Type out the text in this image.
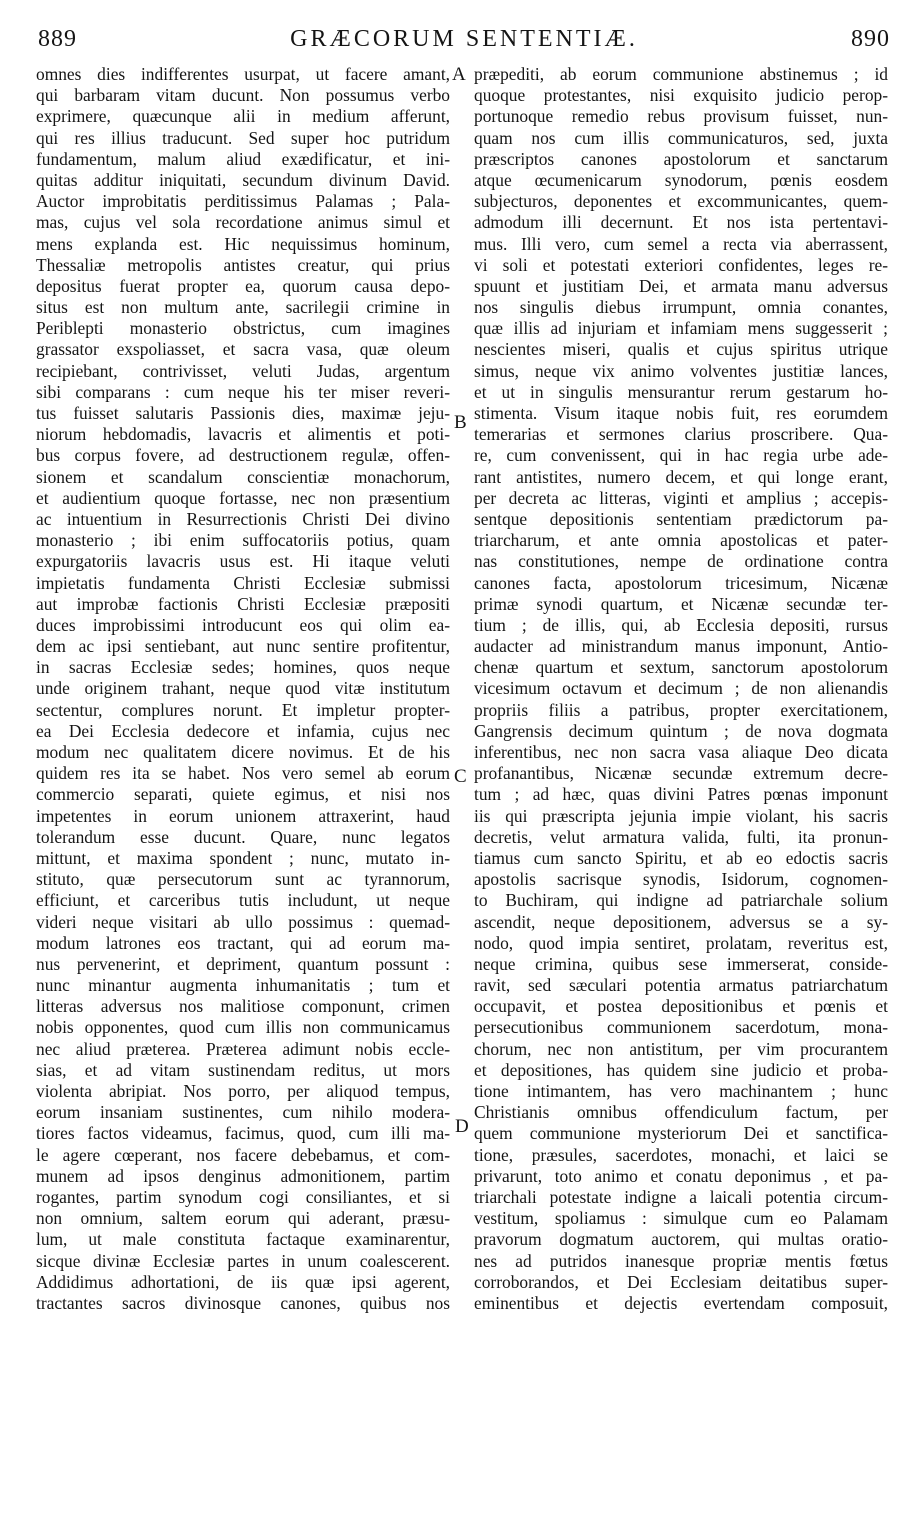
889	GRÆCORUM SENTENTIÆ.	890
omnes dies indifferentes usurpat, ut facere amant,
qui barbaram vitam ducunt. Non possumus verbo
exprimere, quæcunque alii in medium afferunt,
qui res illius traducunt. Sed super hoc putridum
fundamentum, malum aliud exædificatur, et ini-
quitas additur iniquitati, secundum divinum David.
Auctor improbitatis perditissimus Palamas ; Pala-
mas, cujus vel sola recordatione animus simul et
mens explanda est. Hic nequissimus hominum,
Thessaliæ metropolis antistes creatur, qui prius
depositus fuerat propter ea, quorum causa depo-
situs est non multum ante, sacrilegii crimine in
Peribleptі monasterio obstrictus, cum imagines
grassator exspoliasset, et sacra vasa, quæ oleum
recipiebant, contrivisset, veluti Judas, argentum
sibi comparans : cum neque his ter miser reveri-
tus fuisset salutaris Passionis dies, maximæ jeju-
niorum hebdomadis, lavacris et alimentis et poti-
bus corpus fovere, ad destructionem regulæ, offen-
sionem et scandalum conscientiæ monachorum,
et audientium quoque fortasse, nec non præsentium
ac intuentium in Resurrectionis Christi Dei divino
monasterio ; ibi enim suffocatoriis potius, quam
expurgatoriis lavacris usus est. Hi itaque veluti
impietatis fundamenta Christi Ecclesiæ submissi
aut improbæ factionis Christi Ecclesiæ præpositi
duces improbissimi introducunt eos qui olim ea-
dem ac ipsi sentiebant, aut nunc sentire profitentur,
in sacras Ecclesiæ sedes; homines, quos neque
unde originem trahant, neque quod vitæ institutum
sectentur, complures norunt. Et impletur propter-
ea Dei Ecclesia dedecore et infamia, cujus nec
modum nec qualitatem dicere novimus. Et de his
quidem res ita se habet. Nos vero semel ab eorum
commercio separati, quiete egimus, et nisi nos
impetentes in eorum unionem attraxerint, haud
tolerandum esse ducunt. Quare, nunc legatos
mittunt, et maxima spondent ; nunc, mutato in-
stituto, quæ persecutorum sunt ac tyrannorum,
efficiunt, et carceribus tutis includunt, ut neque
videri neque visitari ab ullo possimus : quemad-
modum latrones eos tractant, qui ad eorum ma-
nus pervenerint, et depriment, quantum possunt :
nunc minantur augmenta inhumanitatis ; tum et
litteras adversus nos malitiose componunt, crimen
nobis opponentes, quod cum illis non communicamus
nec aliud præterea. Præterea adimunt nobis eccle-
sias, et ad vitam sustinendam reditus, ut mors
violenta abripiat. Nos porro, per aliquod tempus,
eorum insaniam sustinentes, cum nihilo modera-
tiores factos videamus, facimus, quod, cum illi ma-
le agere cœperant, nos facere debebamus, et com-
munem ad ipsos denginus admonitionem, partim
rogantes, partim synodum cogi consiliantes, et si
non omnium, saltem eorum qui aderant, præsu-
lum, ut male constituta factaque examinarentur,
sicque divinæ Ecclesiæ partes in unum coalescerent.
Addidimus adhortationi, de iis quæ ipsi agerent,
tractantes sacros divinosque canones, quibus nos
præpediti, ab eorum communione abstinemus ; id
quoque protestantes, nisi exquisito judicio perop-
portunoque remedio rebus provisum fuisset, nun-
quam nos cum illis communicaturos, sed, juxta
præscriptos canones apostolorum et sanctarum
atque œcumenicarum synodorum, pœnis eosdem
subjecturos, deponentes et excommunicantes, quem-
admodum illi decernunt. Et nos ista pertentavi-
mus. Illi vero, cum semel a recta via aberrassent,
vi soli et potestati exteriori confidentes, leges re-
spuunt et justitiam Dei, et armata manu adversus
nos singulis diebus irrumpunt, omnia conantes,
quæ illis ad injuriam et infamiam mens suggesserit ;
nescientes miseri, qualis et cujus spiritus utrique
simus, neque vix animo volventes justitiæ lances,
et ut in singulis mensurantur rerum gestarum ho-
stimenta. Visum itaque nobis fuit, res eorumdem
temerarias et sermones clarius proscribere. Qua-
re, cum convenissent, qui in hac regia urbe ade-
rant antistites, numero decem, et qui longe erant,
per decreta ac litteras, viginti et amplius ; accepis-
sentque depositionis sententiam prædictorum pa-
triarcharum, et ante omnia apostolicas et pater-
nas constitutiones, nempe de ordinatione contra
canones facta, apostolorum tricesimum, Nicænæ
primæ synodi quartum, et Nicænæ secundæ ter-
tium ; de illis, qui, ab Ecclesia depositi, rursus
audacter ad ministrandum manus imponunt, Antio-
chenæ quartum et sextum, sanctorum apostolorum
vicesimum octavum et decimum ; de non alienandis
propriis filiis a patribus, propter exercitationem,
Gangrensis decimum quintum ; de nova dogmata
inferentibus, nec non sacra vasa aliaque Deo dicata
profanantibus, Nicænæ secundæ extremum decre-
tum ; ad hæc, quas divini Patres pœnas imponunt
iis qui præscripta jejunia impie violant, his sacris
decretis, velut armatura valida, fulti, ita pronun-
tiamus cum sancto Spiritu, et ab eo edoctis sacris
apostolis sacrisque synodis, Isidorum, cognomen-
to Buchiram, qui indigne ad patriarchale solium
ascendit, neque depositionem, adversus se a sy-
nodo, quod impia sentiret, prolatam, reveritus est,
neque crimina, quibus sese immerserat, conside-
ravit, sed sæculari potentia armatus patriarchatum
occupavit, et postea depositionibus et pœnis et
persecutionibus communionem sacerdotum, mona-
chorum, nec non antistitum, per vim procurantem
et depositiones, has quidem sine judicio et proba-
tione intimantem, has vero machinantem ; hunc
Christianis omnibus offendiculum factum, per
quem communione mysteriorum Dei et sanctifica-
tione, præsules, sacerdotes, monachi, et laici se
privarunt, toto animo et conatu deponimus , et pa-
triarchali potestate indigne a laicali potentia circum-
vestitum, spoliamus : simulque cum eo Palamam
pravorum dogmatum auctorem, qui multas oratio-
nes ad putridos inanesque propriæ mentis fœtus
corroborandos, et Dei Ecclesiam deitatibus super-
eminentibus et dejectis evertendam composuit,
A
B
C
D
